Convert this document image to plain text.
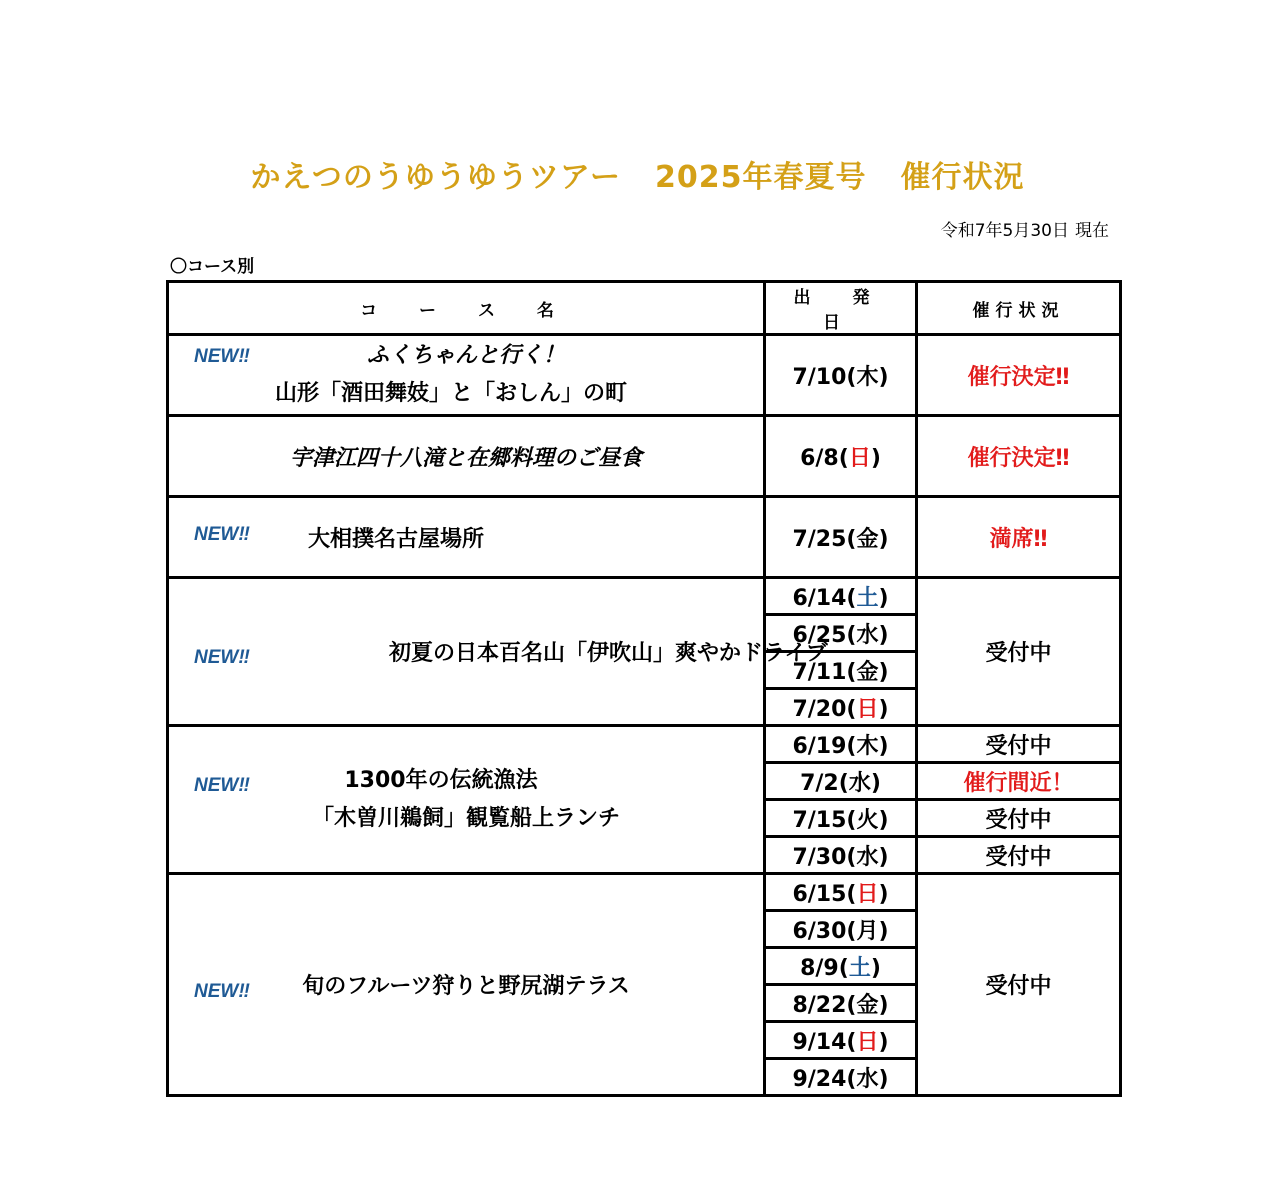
かえつのうゆうゆうツアー 2025年春夏号 催行状況
令和7年5月30日 現在
〇コース別
コ ー ス 名	出 発 日	催行状況

NEW‼ ふくちゃんと行く！
山形「酒田舞妓」と「おしん」の町	7/10(木)	催行決定‼

宇津江四十八滝と在郷料理のご昼食	6/8(日)	催行決定‼

NEW‼ 大相撲名古屋場所	7/25(金)	満席‼

NEW‼ 初夏の日本百名山「伊吹山」爽やかドライブ	6/14(土)	受付中
	6/25(水)	
	7/11(金)	
	7/20(日)	

NEW‼ 1300年の伝統漁法
「木曽川鵜飼」観覧船上ランチ	6/19(木)	受付中
	7/2(水)	催行間近！
	7/15(火)	受付中
	7/30(水)	受付中

NEW‼ 旬のフルーツ狩りと野尻湖テラス	6/15(日)	受付中
	6/30(月)	
	8/9(土)	
	8/22(金)	
	9/14(日)	
	9/24(水)	
